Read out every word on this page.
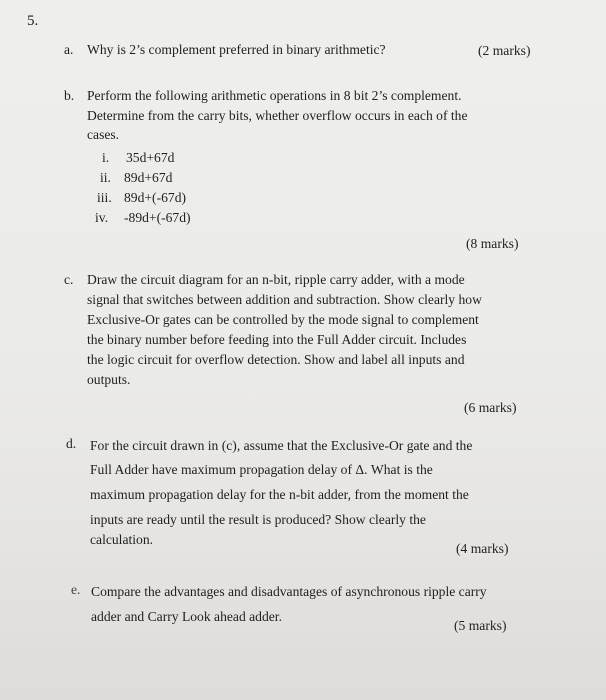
5.
a. Why is 2’s complement preferred in binary arithmetic?	(2 marks)
b. Perform the following arithmetic operations in 8 bit 2’s complement.
Determine from the carry bits, whether overflow occurs in each of the
cases.
i. 35d+67d
ii. 89d+67d
iii. 89d+(-67d)
iv. -89d+(-67d)
(8 marks)
c. Draw the circuit diagram for an n-bit, ripple carry adder, with a mode
signal that switches between addition and subtraction. Show clearly how
Exclusive-Or gates can be controlled by the mode signal to complement
the binary number before feeding into the Full Adder circuit. Includes
the logic circuit for overflow detection. Show and label all inputs and
outputs.
(6 marks)
d. For the circuit drawn in (c), assume that the Exclusive-Or gate and the
Full Adder have maximum propagation delay of Δ. What is the
maximum propagation delay for the n-bit adder, from the moment the
inputs are ready until the result is produced? Show clearly the
calculation.
(4 marks)
e. Compare the advantages and disadvantages of asynchronous ripple carry
adder and Carry Look ahead adder.
(5 marks)
